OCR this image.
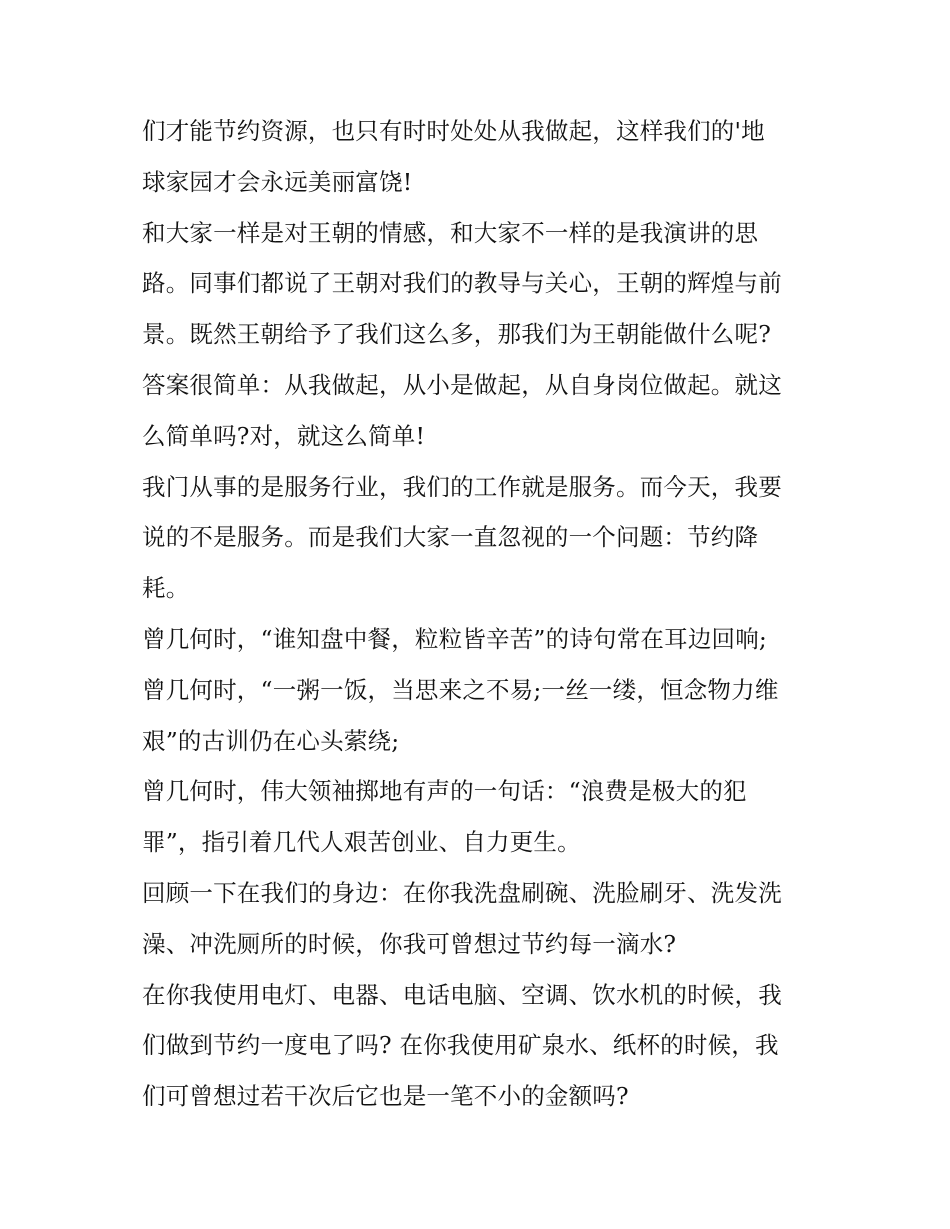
们才能节约资源，也只有时时处处从我做起，这样我们的'地
球家园才会永远美丽富饶!
和大家一样是对王朝的情感，和大家不一样的是我演讲的思
路。同事们都说了王朝对我们的教导与关心，王朝的辉煌与前
景。既然王朝给予了我们这么多，那我们为王朝能做什么呢?
答案很简单：从我做起，从小是做起，从自身岗位做起。就这
么简单吗?对，就这么简单!
我门从事的是服务行业，我们的工作就是服务。而今天，我要
说的不是服务。而是我们大家一直忽视的一个问题：节约降
耗。
曾几何时，“谁知盘中餐，粒粒皆辛苦”的诗句常在耳边回响;
曾几何时，“一粥一饭，当思来之不易;一丝一缕，恒念物力维
艰”的古训仍在心头萦绕;
曾几何时，伟大领袖掷地有声的一句话：“浪费是极大的犯
罪”，指引着几代人艰苦创业、自力更生。
回顾一下在我们的身边：在你我洗盘刷碗、洗脸刷牙、洗发洗
澡、冲洗厕所的时候，你我可曾想过节约每一滴水?
在你我使用电灯、电器、电话电脑、空调、饮水机的时候，我
们做到节约一度电了吗? 在你我使用矿泉水、纸杯的时候，我
们可曾想过若干次后它也是一笔不小的金额吗?
